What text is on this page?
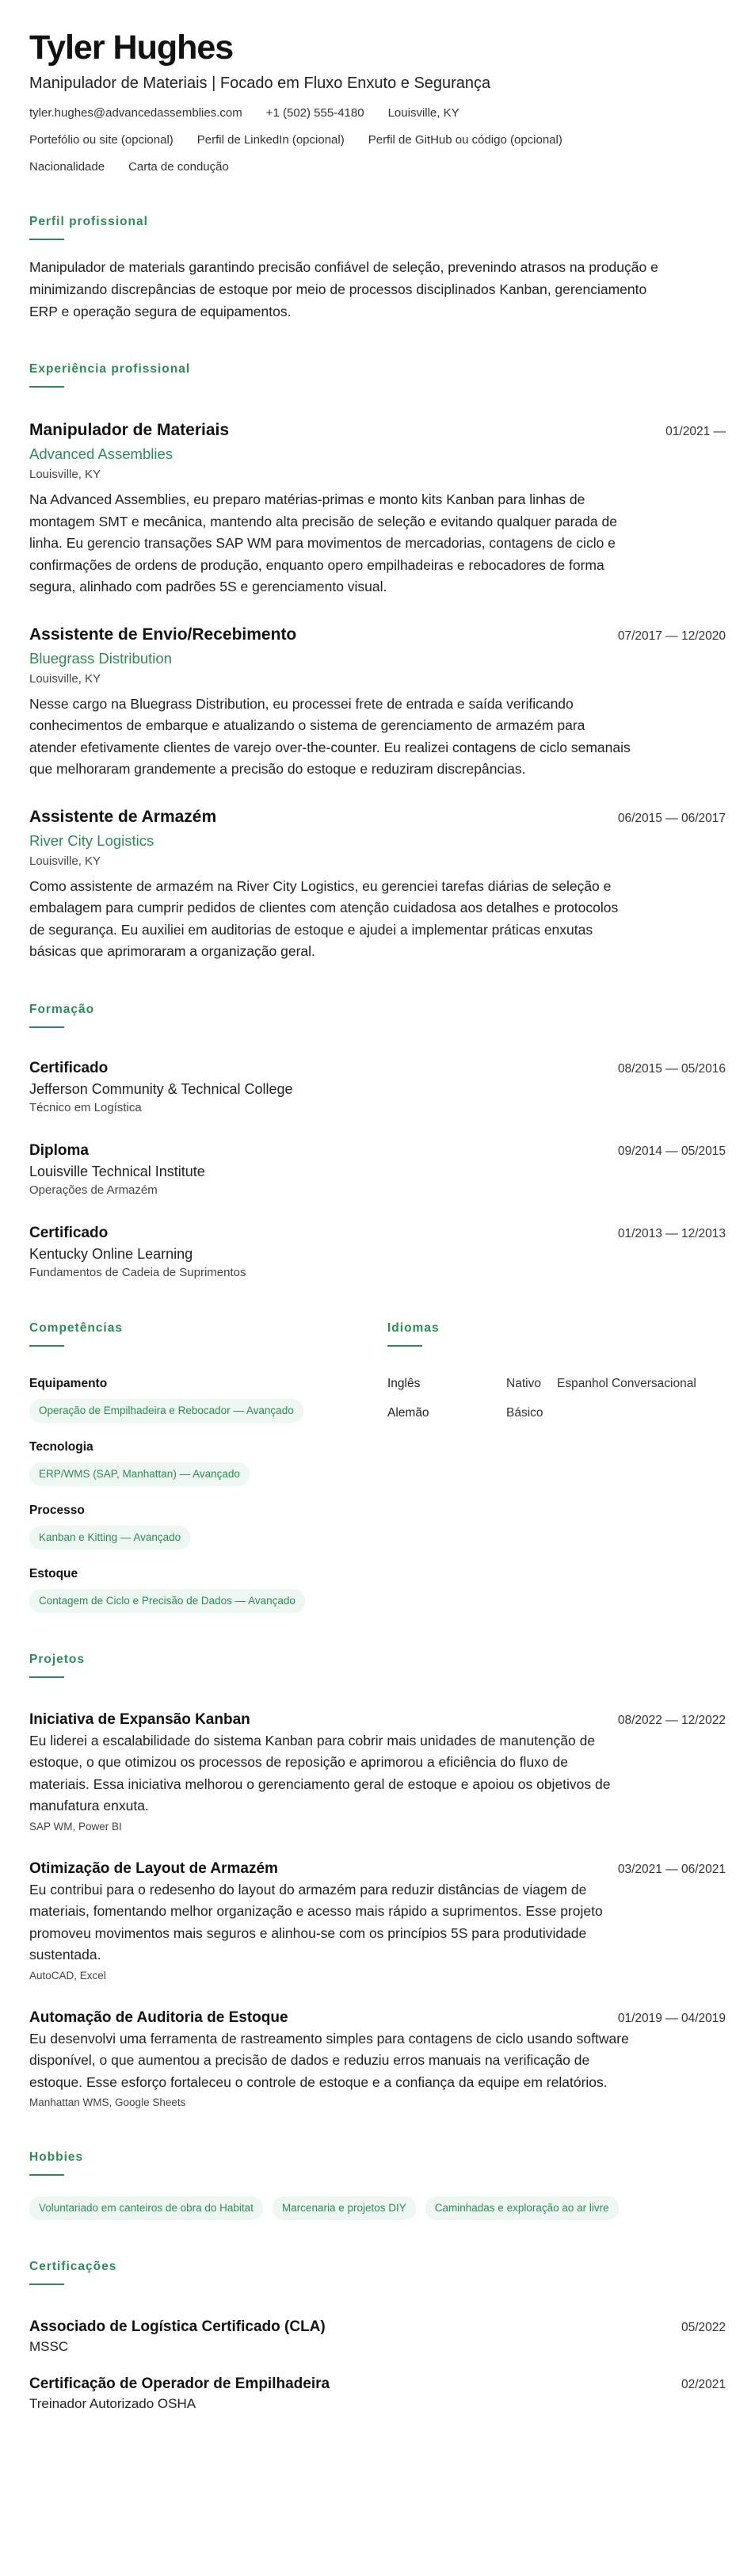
Tyler Hughes
Manipulador de Materiais | Focado em Fluxo Enxuto e Segurança
tyler.hughes@advancedassemblies.com +1 (502) 555-4180 Louisville, KY
Portefólio ou site (opcional) Perfil de LinkedIn (opcional) Perfil de GitHub ou código (opcional)
Nacionalidade Carta de condução
Perfil profissional

Manipulador de materials garantindo precisão confiável de seleção, prevenindo atrasos na produção e minimizando discrepâncias de estoque por meio de processos disciplinados Kanban, gerenciamento ERP e operação segura de equipamentos.

Experiência profissional
Manipulador de Materiais	01/2021 —
Advanced Assemblies
Louisville, KY

Na Advanced Assemblies, eu preparo matérias-primas e monto kits Kanban para linhas de montagem SMT e mecânica, mantendo alta precisão de seleção e evitando qualquer parada de linha. Eu gerencio transações SAP WM para movimentos de mercadorias, contagens de ciclo e confirmações de ordens de produção, enquanto opero empilhadeiras e rebocadores de forma segura, alinhado com padrões 5S e gerenciamento visual.

Assistente de Envio/Recebimento	07/2017 — 12/2020
Bluegrass Distribution
Louisville, KY

Nesse cargo na Bluegrass Distribution, eu processei frete de entrada e saída verificando conhecimentos de embarque e atualizando o sistema de gerenciamento de armazém para atender efetivamente clientes de varejo over-the-counter. Eu realizei contagens de ciclo semanais que melhoraram grandemente a precisão do estoque e reduziram discrepâncias.

Assistente de Armazém	06/2015 — 06/2017
River City Logistics
Louisville, KY

Como assistente de armazém na River City Logistics, eu gerenciei tarefas diárias de seleção e embalagem para cumprir pedidos de clientes com atenção cuidadosa aos detalhes e protocolos de segurança. Eu auxiliei em auditorias de estoque e ajudei a implementar práticas enxutas básicas que aprimoraram a organização geral.

Formação
Certificado	08/2015 — 05/2016
Jefferson Community & Technical College
Técnico em Logística
Diploma	09/2014 — 05/2015
Louisville Technical Institute
Operações de Armazém
Certificado	01/2013 — 12/2013
Kentucky Online Learning
Fundamentos de Cadeia de Suprimentos
Competências
Equipamento
Operação de Empilhadeira e Rebocador — Avançado
Tecnologia
ERP/WMS (SAP, Manhattan) — Avançado
Processo
Kanban e Kitting — Avançado
Estoque
Contagem de Ciclo e Precisão de Dados — Avançado
Idiomas
Inglês	Nativo	Espanhol Conversacional
Alemão	Básico
Projetos
Iniciativa de Expansão Kanban	08/2022 — 12/2022

Eu liderei a escalabilidade do sistema Kanban para cobrir mais unidades de manutenção de estoque, o que otimizou os processos de reposição e aprimorou a eficiência do fluxo de materiais. Essa iniciativa melhorou o gerenciamento geral de estoque e apoiou os objetivos de manufatura enxuta.

SAP WM, Power BI
Otimização de Layout de Armazém	03/2021 — 06/2021

Eu contribui para o redesenho do layout do armazém para reduzir distâncias de viagem de materiais, fomentando melhor organização e acesso mais rápido a suprimentos. Esse projeto promoveu movimentos mais seguros e alinhou-se com os princípios 5S para produtividade sustentada.

AutoCAD, Excel
Automação de Auditoria de Estoque	01/2019 — 04/2019

Eu desenvolvi uma ferramenta de rastreamento simples para contagens de ciclo usando software disponível, o que aumentou a precisão de dados e reduziu erros manuais na verificação de estoque. Esse esforço fortaleceu o controle de estoque e a confiança da equipe em relatórios.

Manhattan WMS, Google Sheets
Hobbies
Voluntariado em canteiros de obra do Habitat	Marcenaria e projetos DIY	Caminhadas e exploração ao ar livre
Certificações
Associado de Logística Certificado (CLA)	05/2022
MSSC
Certificação de Operador de Empilhadeira	02/2021
Treinador Autorizado OSHA
